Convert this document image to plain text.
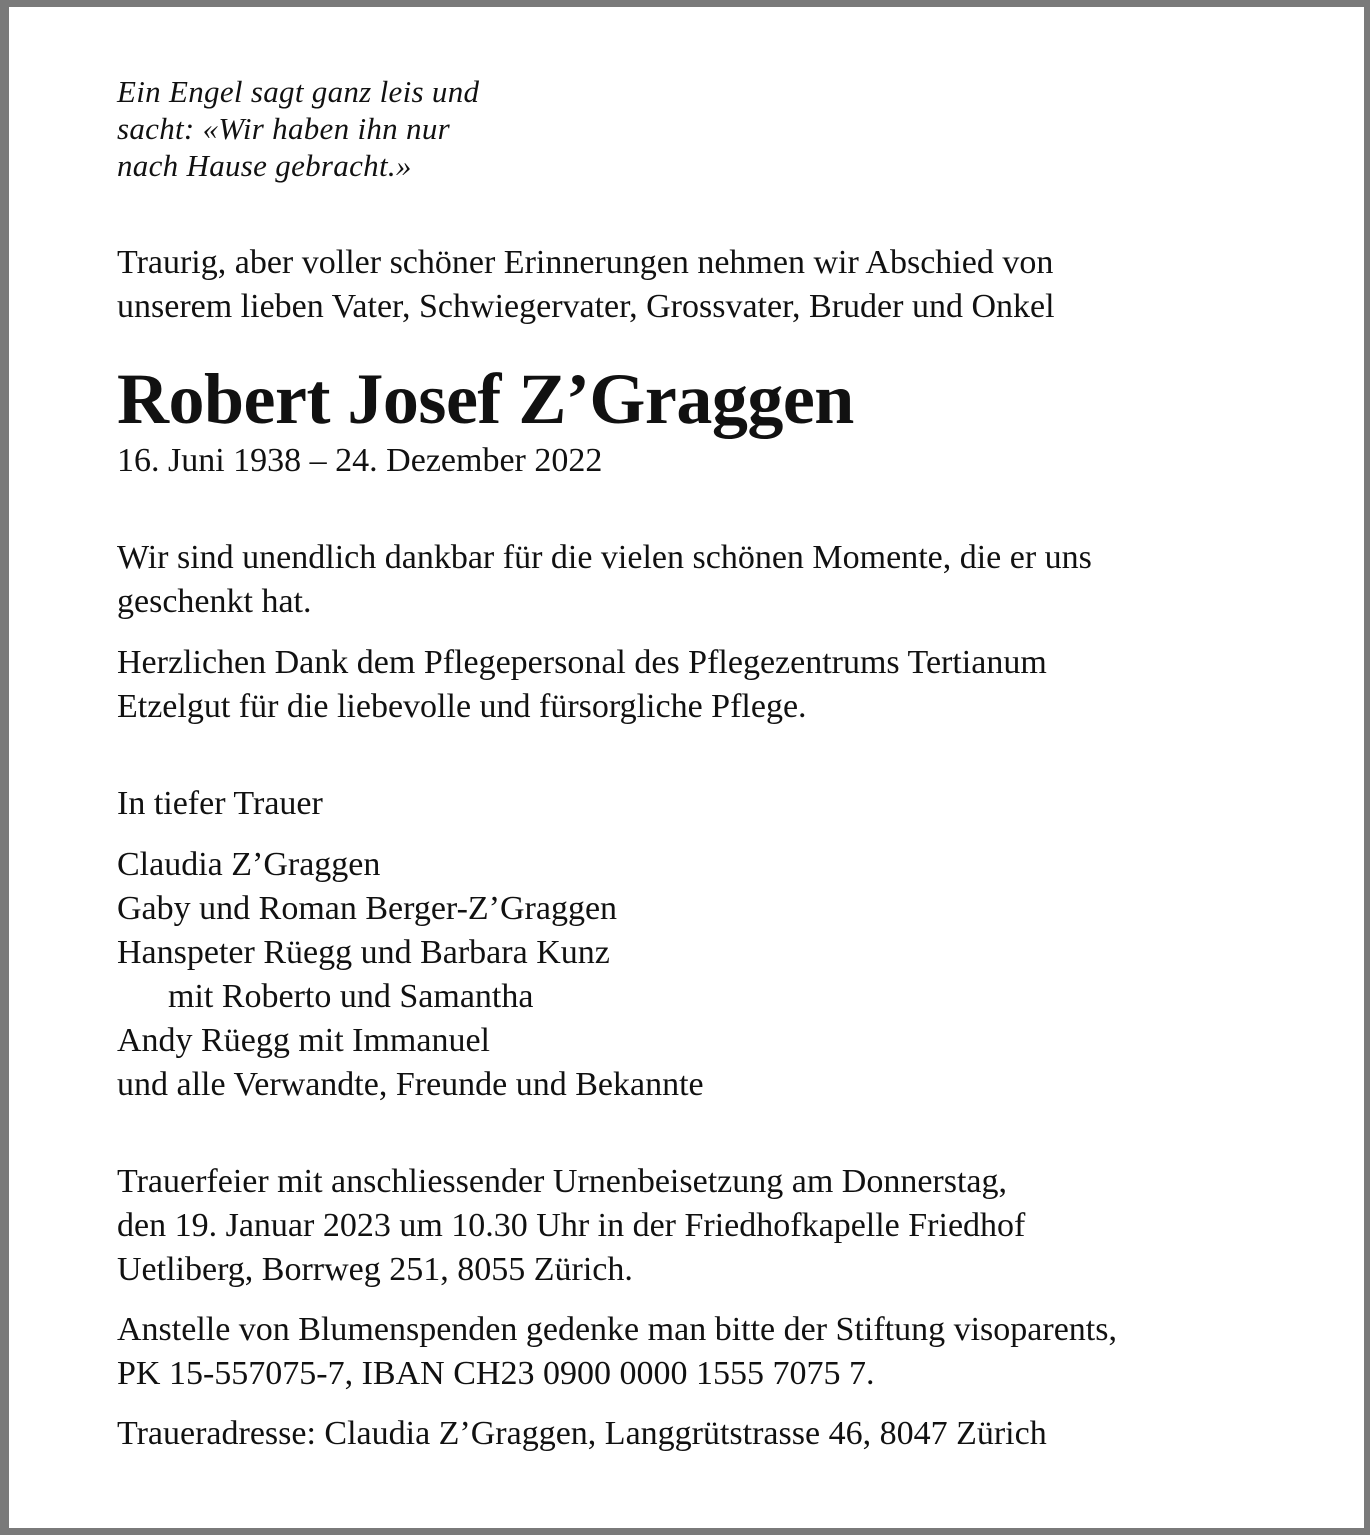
Ein Engel sagt ganz leis und
sacht: «Wir haben ihn nur
nach Hause gebracht.»

Traurig, aber voller schöner Erinnerungen nehmen wir Abschied von
unserem lieben Vater, Schwiegervater, Grossvater, Bruder und Onkel

Robert Josef Z’Graggen

16. Juni 1938 – 24. Dezember 2022

Wir sind unendlich dankbar für die vielen schönen Momente, die er uns
geschenkt hat.

Herzlichen Dank dem Pflegepersonal des Pflegezentrums Tertianum
Etzelgut für die liebevolle und fürsorgliche Pflege.

In tiefer Trauer

Claudia Z’Graggen
Gaby und Roman Berger-Z’Graggen
Hanspeter Rüegg und Barbara Kunz
mit Roberto und Samantha
Andy Rüegg mit Immanuel
und alle Verwandte, Freunde und Bekannte

Trauerfeier mit anschliessender Urnenbeisetzung am Donnerstag,
den 19. Januar 2023 um 10.30 Uhr in der Friedhofkapelle Friedhof
Uetliberg, Borrweg 251, 8055 Zürich.

Anstelle von Blumenspenden gedenke man bitte der Stiftung visoparents,
PK 15-557075-7, IBAN CH23 0900 0000 1555 7075 7.

Traueradresse: Claudia Z’Graggen, Langgrütstrasse 46, 8047 Zürich
